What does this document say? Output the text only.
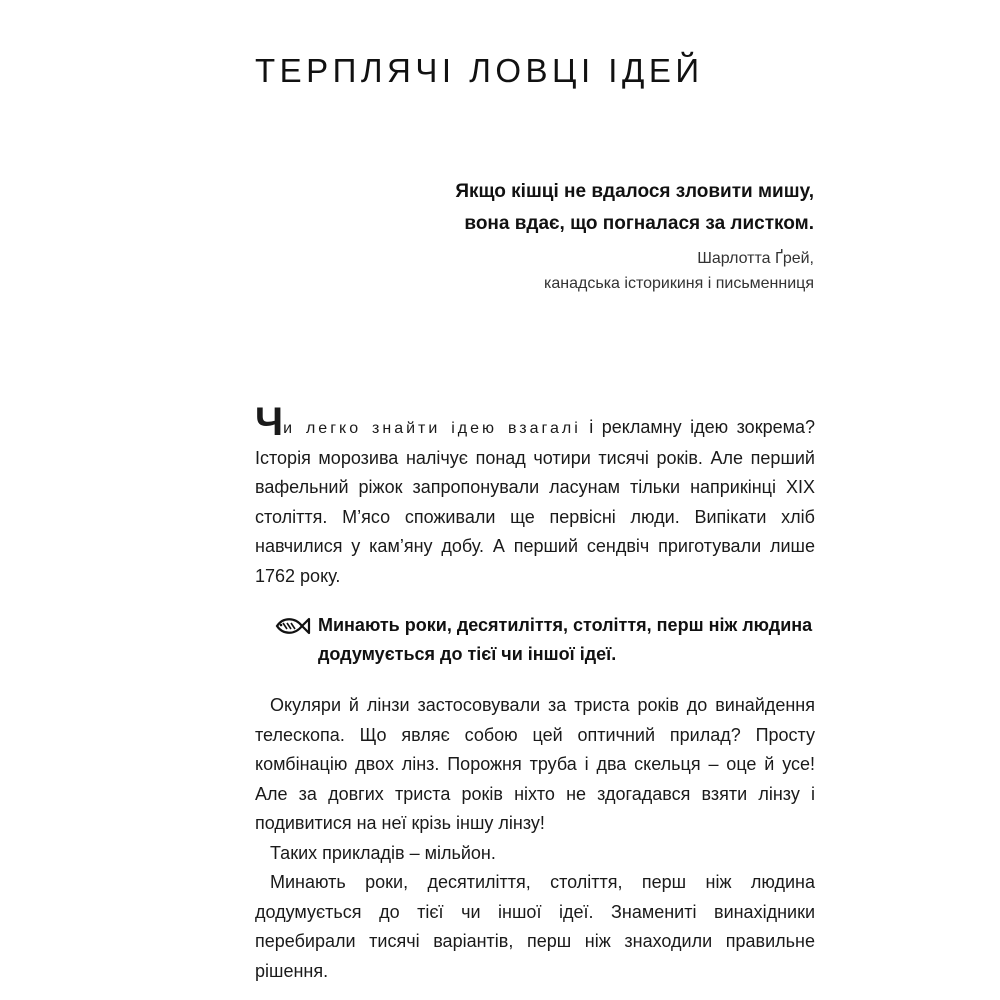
ТЕРПЛЯЧІ ЛОВЦІ ІДЕЙ
Якщо кішці не вдалося зловити мишу,
вона вдає, що погналася за листком.
Шарлотта Ґрей,
канадська історикиня і письменниця

Чи легко знайти ідею взагалі і рекламну ідею зокрема? Історія морозива налічує понад чотири тисячі років. Але перший вафельний ріжок запропонували ласунам тільки наприкінці XIX століття. М’ясо споживали ще первісні люди. Випікати хліб навчилися у кам’яну добу. А перший сендвіч приготували лише 1762 року.

Минають роки, десятиліття, століття, перш ніж людина додумується до тієї чи іншої ідеї.

Окуляри й лінзи застосовували за триста років до винайдення телескопа. Що являє собою цей оптичний прилад? Просту комбінацію двох лінз. Порожня труба і два скельця – оце й усе! Але за довгих триста років ніхто не здогадався взяти лінзу і подивитися на неї крізь іншу лінзу!

Таких прикладів – мільйон.

Минають роки, десятиліття, століття, перш ніж людина додумується до тієї чи іншої ідеї. Знамениті винахідники перебирали тисячі варіантів, перш ніж знаходили правильне рішення.
